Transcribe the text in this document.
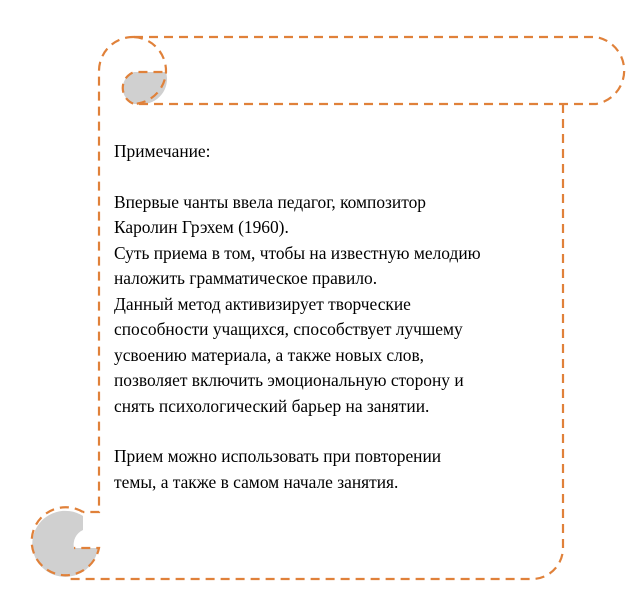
Примечание:

Впервые чанты ввела педагог, композитор

Каролин Грэхем (1960).

Суть приема в том, чтобы на известную мелодию

наложить грамматическое правило.

Данный метод активизирует творческие

способности учащихся, способствует лучшему

усвоению материала, а также новых слов,

позволяет включить эмоциональную сторону и

снять психологический барьер на занятии.

Прием можно использовать при повторении

темы, а также в самом начале занятия.
